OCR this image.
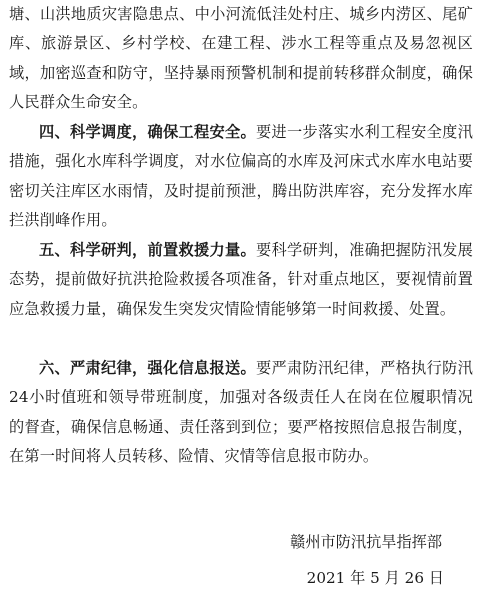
塘、山洪地质灾害隐患点、中小河流低洼处村庄、城乡内涝区、尾矿库、旅游景区、乡村学校、在建工程、涉水工程等重点及易忽视区域，加密巡查和防守，坚持暴雨预警机制和提前转移群众制度，确保人民群众生命安全。

四、科学调度，确保工程安全。要进一步落实水利工程安全度汛措施，强化水库科学调度，对水位偏高的水库及河床式水库水电站要密切关注库区水雨情，及时提前预泄，腾出防洪库容，充分发挥水库拦洪削峰作用。

五、科学研判，前置救援力量。要科学研判，准确把握防汛发展态势，提前做好抗洪抢险救援各项准备，针对重点地区，要视情前置应急救援力量，确保发生突发灾情险情能够第一时间救援、处置。

六、严肃纪律，强化信息报送。要严肃防汛纪律，严格执行防汛24小时值班和领导带班制度，加强对各级责任人在岗在位履职情况的督查，确保信息畅通、责任落到到位；要严格按照信息报告制度，在第一时间将人员转移、险情、灾情等信息报市防办。

赣州市防汛抗旱指挥部

2021 年 5 月 26 日
